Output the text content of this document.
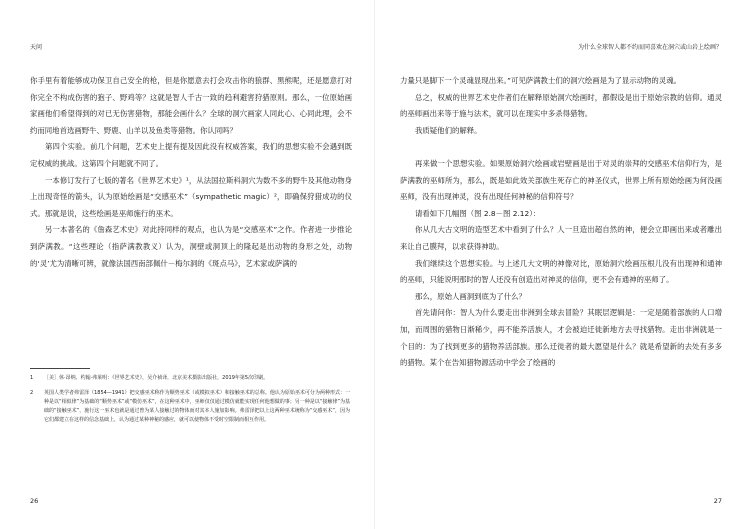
天问

你手里有着能够成功保卫自己安全的枪，但是你愿意去打会攻击你的狼群、黑熊呢，还是愿意打对你完全不构成伤害的狍子、野鸡等？这就是智人千古一致的趋利避害狩猎原则。那么，一位原始画家画他们希望得到的对已无伤害猎物，那能会画什么？全球的洞穴画家人同此心、心同此理，会不约而同地首选画野牛、野鹿、山羊以及鱼类等猎物。你认同吗？

第四个实验。前几个问题，艺术史上提有提及因此没有权威答案，我们的思想实验不会遇到既定权威的挑战。这第四个问题就不同了。

一本修订发行了七版的著名《世界艺术史》¹，从法国拉斯科洞穴为数不多的野牛及其他动物身上出现奇怪的箭头，认为原始绘画是“交感巫术”（sympathetic magic）²，即确保狩猎成功的仪式。那就是说，这些绘画是巫师施行的巫术。

另一本著名的《詹森艺术史》对此持同样的观点，也认为是“交感巫术”之作。作者进一步推论到萨满教。“这些理论（指萨满教教义）认为，洞壁或洞顶上的隆起是出动物的身形之处，动物的‘灵’尤为清晰可辨，就像法国西南部佩什－梅尔洞的《斑点马》，艺术家或萨满的

1 ［美］休·昂纳、约翰·弗莱明：《世界艺术史》，吴介祯译，北京美术摄影出版社，2019年第5次印刷。
2 英国人类学者弗雷泽（1854—1941）把交感巫术称作为顺势巫术（或模拟巫术）和接触巫术的总称。他认为原始巫术可分为两种形式：一种是以“相似律”为基础的“顺势巫术”或“模仿巫术”，在这种巫术中，巫师仅仅通过模仿就能实现任何他想做的事；另一种是以“接触律”为基础的“接触巫术”，施行这一巫术也就是通过曾为某人接触过的物体而对其本人施加影响。弗雷泽把以上这两种巫术统称为“交感巫术”，因为它们都建立在这样的信念基础上，认为通过某种神秘的感应，就可以使物体不受时空限制而相互作用。
26
为什么全球智人都不约而同喜欢在洞穴或山岩上绘画？

力量只是脚下一个灵魂显现出来。”可见萨满教士们的洞穴绘画是为了显示动物的灵魂。

总之，权威的世界艺术史作者们在解释原始洞穴绘画时，都假设是出于原始宗教的信仰。通灵的巫师画出来等于施与法术，就可以在现实中多杀得猎物。

我质疑他们的解释。

再来做一个思想实验。如果原始洞穴绘画或岩壁画是出于对灵的崇拜的交感巫术信仰行为，是萨满教的巫师所为，那么，既是如此效关部族生死存亡的神圣仪式，世界上所有原始绘画为何没画巫师，没有出现神灵，没有出现任何神秘的信仰符号？

请看如下几幅图（图 2.8－图 2.12）：

你从几大古文明的造型艺术中看到了什么？人一旦造出超自然的神，便会立即画出来或者雕出来让自己膜拜，以求获得神助。

我们继续这个思想实验。与上述几大文明的神像对比，原始洞穴绘画压根儿没有出现神和通神的巫师，只能说明那时的智人还没有创造出对神灵的信仰，更不会有通神的巫师了。

那么，原始人画洞到底为了什么？

首先请问你：智人为什么要走出非洲到全球去冒险？其眠层逻辑是：一定是随着部族的人口增加，而周围的猎物日渐稀少，再不能养活族人，才会被迫迁徙新地方去寻找猎物。走出非洲就是一个目的：为了找到更多的猎物养活部族。那么迁徙者的最大愿望是什么？就是希望新的去处有多多的猎物。某个在告知猎物源活动中学会了绘画的

27
